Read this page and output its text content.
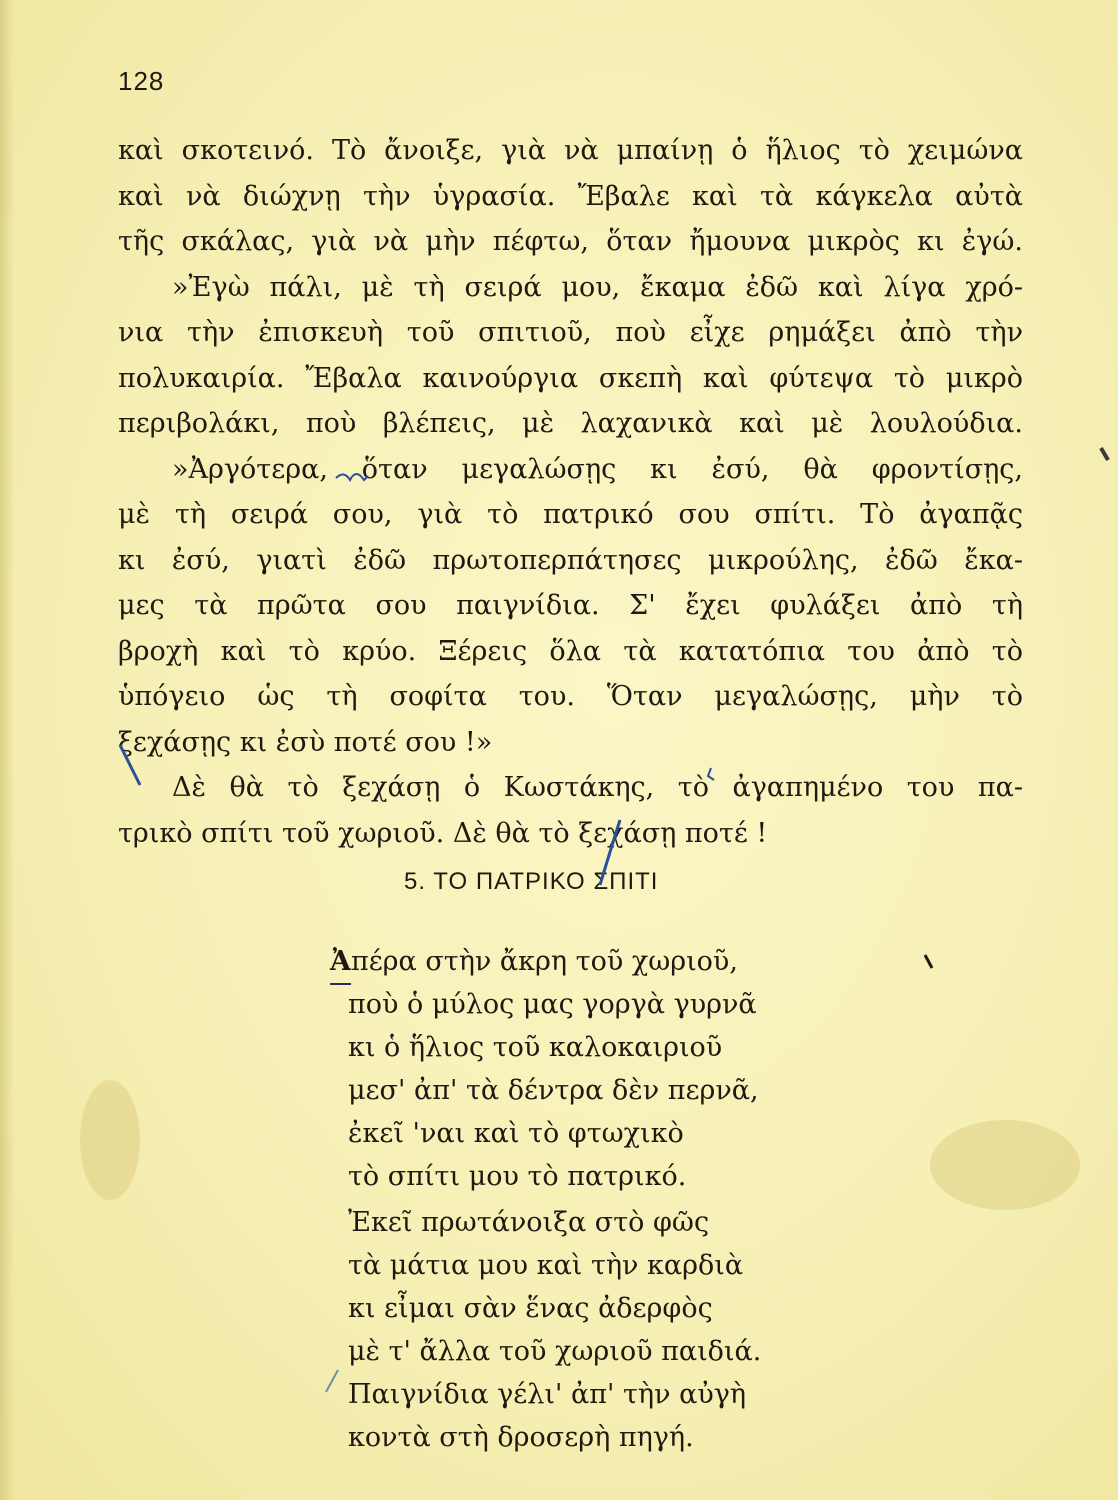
128
καὶ σκοτεινό. Τὸ ἄνοιξε, γιὰ νὰ μπαίνῃ ὁ ἥλιος τὸ χειμώνα
καὶ νὰ διώχνῃ τὴν ὑγρασία. Ἔβαλε καὶ τὰ κάγκελα αὐτὰ
τῆς σκάλας, γιὰ νὰ μὴν πέφτω, ὅταν ἤμουνα μικρὸς κι ἐγώ.
»Ἐγὼ πάλι, μὲ τὴ σειρά μου, ἔκαμα ἐδῶ καὶ λίγα χρό-
νια τὴν ἐπισκευὴ τοῦ σπιτιοῦ, ποὺ εἶχε ρημάξει ἀπὸ τὴν
πολυκαιρία. Ἔβαλα καινούργια σκεπὴ καὶ φύτεψα τὸ μικρὸ
περιβολάκι, ποὺ βλέπεις, μὲ λαχανικὰ καὶ μὲ λουλούδια.
»Ἀργότερα, ὅταν μεγαλώσῃς κι ἐσύ, θὰ φροντίσῃς,
μὲ τὴ σειρά σου, γιὰ τὸ πατρικό σου σπίτι. Τὸ ἀγαπᾷς
κι ἐσύ, γιατὶ ἐδῶ πρωτοπερπάτησες μικρούλης, ἐδῶ ἔκα-
μες τὰ πρῶτα σου παιγνίδια. Σ' ἔχει φυλάξει ἀπὸ τὴ
βροχὴ καὶ τὸ κρύο. Ξέρεις ὅλα τὰ κατατόπια του ἀπὸ τὸ
ὑπόγειο ὡς τὴ σοφίτα του. Ὅταν μεγαλώσῃς, μὴν τὸ
ξεχάσῃς κι ἐσὺ ποτέ σου !»
Δὲ θὰ τὸ ξεχάσῃ ὁ Κωστάκης, τὸ ἀγαπημένο του πα-
τρικὸ σπίτι τοῦ χωριοῦ. Δὲ θὰ τὸ ξεχάσῃ ποτέ !
5. ΤΟ ΠΑΤΡΙΚΟ ΣΠΙΤΙ
Ἀπέρα στὴν ἄκρη τοῦ χωριοῦ,
ποὺ ὁ μύλος μας γοργὰ γυρνᾶ
κι ὁ ἥλιος τοῦ καλοκαιριοῦ
μεσ' ἀπ' τὰ δέντρα δὲν περνᾶ,
ἐκεῖ 'ναι καὶ τὸ φτωχικὸ
τὸ σπίτι μου τὸ πατρικό.
Ἐκεῖ πρωτάνοιξα στὸ φῶς
τὰ μάτια μου καὶ τὴν καρδιὰ
κι εἶμαι σὰν ἕνας ἀδερφὸς
μὲ τ' ἄλλα τοῦ χωριοῦ παιδιά.
Παιγνίδια γέλι' ἀπ' τὴν αὐγὴ
κοντὰ στὴ δροσερὴ πηγή.
